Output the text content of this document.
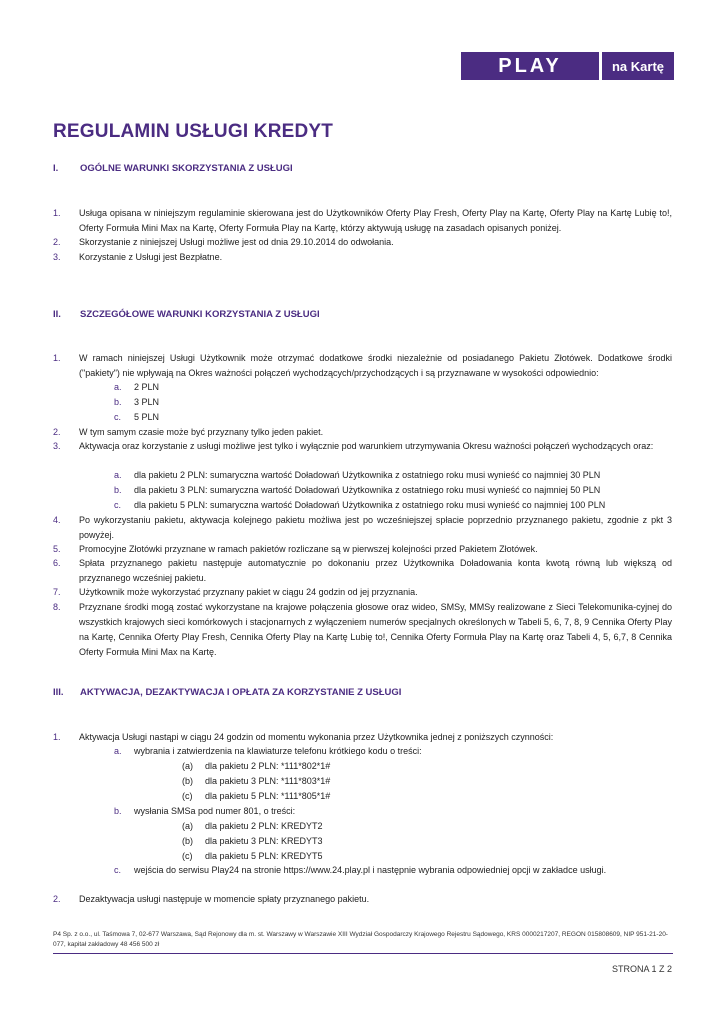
PLAY	na Kartę
REGULAMIN USŁUGI KREDYT
I.	OGÓLNE WARUNKI SKORZYSTANIA Z USŁUGI
1. Usługa opisana w niniejszym regulaminie skierowana jest do Użytkowników Oferty Play Fresh, Oferty Play na Kartę, Oferty Play na Kartę Lubię to!, Oferty Formuła Mini Max na Kartę, Oferty Formuła Play na Kartę, którzy aktywują usługę na zasadach opisanych poniżej.
2. Skorzystanie z niniejszej Usługi możliwe jest od dnia 29.10.2014 do odwołania.
3. Korzystanie z Usługi jest Bezpłatne.
II.	SZCZEGÓŁOWE WARUNKI KORZYSTANIA Z USŁUGI
1. W ramach niniejszej Usługi Użytkownik może otrzymać dodatkowe środki niezależnie od posiadanego Pakietu Złotówek. Dodatkowe środki ("pakiety") nie wpływają na Okres ważności połączeń wychodzących/przychodzących i są przyznawane w wysokości odpowiednio:
a. 2 PLN
b. 3 PLN
c. 5 PLN
2. W tym samym czasie może być przyznany tylko jeden pakiet.
3. Aktywacja oraz korzystanie z usługi możliwe jest tylko i wyłącznie pod warunkiem utrzymywania Okresu ważności połączeń wychodzących oraz:
a. dla pakietu 2 PLN: sumaryczna wartość Doładowań Użytkownika z ostatniego roku musi wynieść co najmniej 30 PLN
b. dla pakietu 3 PLN: sumaryczna wartość Doładowań Użytkownika z ostatniego roku musi wynieść co najmniej 50 PLN
c. dla pakietu 5 PLN: sumaryczna wartość Doładowań Użytkownika z ostatniego roku musi wynieść co najmniej 100 PLN
4. Po wykorzystaniu pakietu, aktywacja kolejnego pakietu możliwa jest po wcześniejszej spłacie poprzednio przyznanego pakietu, zgodnie z pkt 3 powyżej.
5. Promocyjne Złotówki przyznane w ramach pakietów rozliczane są w pierwszej kolejności przed Pakietem Złotówek.
6. Spłata przyznanego pakietu następuje automatycznie po dokonaniu przez Użytkownika Doładowania konta kwotą równą lub większą od przyznanego wcześniej pakietu.
7. Użytkownik może wykorzystać przyznany pakiet w ciągu 24 godzin od jej przyznania.
8. Przyznane środki mogą zostać wykorzystane na krajowe połączenia głosowe oraz wideo, SMSy, MMSy realizowane z Sieci Telekomunika-cyjnej do wszystkich krajowych sieci komórkowych i stacjonarnych z wyłączeniem numerów specjalnych określonych w Tabeli 5, 6, 7, 8, 9 Cennika Oferty Play na Kartę, Cennika Oferty Play Fresh, Cennika Oferty Play na Kartę Lubię to!, Cennika Oferty Formuła Play na Kartę oraz Tabeli 4, 5, 6,7, 8 Cennika Oferty Formuła Mini Max na Kartę.
III.	AKTYWACJA, DEZAKTYWACJA I OPŁATA ZA KORZYSTANIE Z USŁUGI
1. Aktywacja Usługi nastąpi w ciągu 24 godzin od momentu wykonania przez Użytkownika jednej z poniższych czynności:
a. wybrania i zatwierdzenia na klawiaturze telefonu krótkiego kodu o treści:
(a) dla pakietu 2 PLN: *111*802*1#
(b) dla pakietu 3 PLN: *111*803*1#
(c) dla pakietu 5 PLN: *111*805*1#
b. wysłania SMSa pod numer 801, o treści:
(a) dla pakietu 2 PLN: KREDYT2
(b) dla pakietu 3 PLN: KREDYT3
(c) dla pakietu 5 PLN: KREDYT5
c. wejścia do serwisu Play24 na stronie https://www.24.play.pl i następnie wybrania odpowiedniej opcji w zakładce usługi.
2. Dezaktywacja usługi następuje w momencie spłaty przyznanego pakietu.
P4 Sp. z o.o., ul. Taśmowa 7, 02-677 Warszawa, Sąd Rejonowy dla m. st. Warszawy w Warszawie XIII Wydział Gospodarczy Krajowego Rejestru Sądowego, KRS 0000217207, REGON 015808609, NIP 951-21-20-077, kapitał zakładowy 48 456 500 zł
STRONA 1 Z 2
